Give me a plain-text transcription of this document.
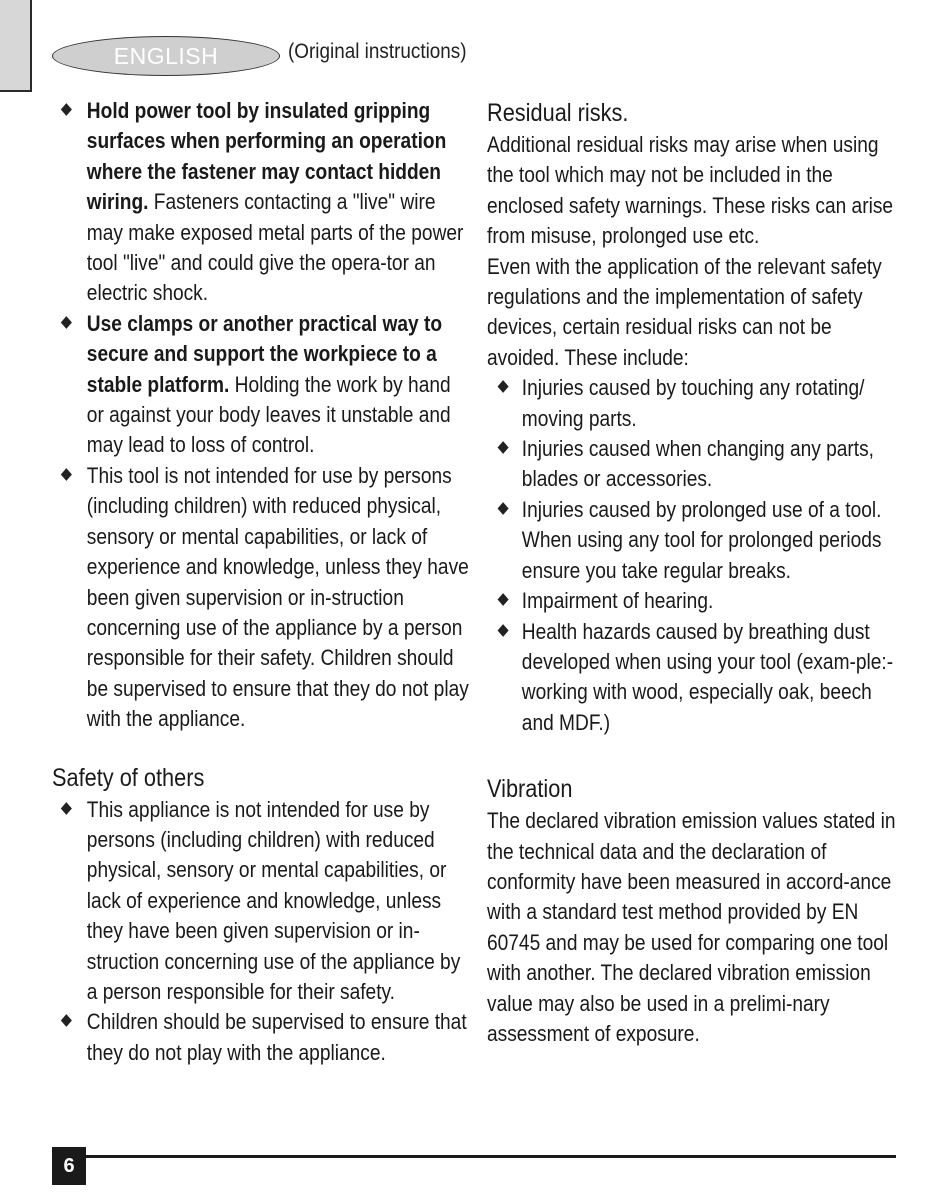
ENGLISH	(Original instructions)
Hold power tool by insulated gripping surfaces when performing an operation where the fastener may contact hidden wiring. Fasteners contacting a "live" wire may make exposed metal parts of the power tool "live" and could give the opera-tor an electric shock.
Use clamps or another practical way to secure and support the workpiece to a stable platform. Holding the work by hand or against your body leaves it unstable and may lead to loss of control.
This tool is not intended for use by persons (including children) with reduced physical, sensory or mental capabilities, or lack of experience and knowledge, unless they have been given supervision or in-struction concerning use of the appliance by a person responsible for their safety. Children should be supervised to ensure that they do not play with the appliance.
Safety of others
This appliance is not intended for use by persons (including children) with reduced physical, sensory or mental capabilities, or lack of experience and knowledge, unless they have been given supervision or in-struction concerning use of the appliance by a person responsible for their safety.
Children should be supervised to ensure that they do not play with the appliance.
Residual risks.

Additional residual risks may arise when using the tool which may not be included in the enclosed safety warnings. These risks can arise from misuse, prolonged use etc.

Even with the application of the relevant safety regulations and the implementation of safety devices, certain residual risks can not be avoided. These include:

Injuries caused by touching any rotating/ moving parts.
Injuries caused when changing any parts, blades or accessories.
Injuries caused by prolonged use of a tool. When using any tool for prolonged periods ensure you take regular breaks.
Impairment of hearing.
Health hazards caused by breathing dust developed when using your tool (exam-ple:- working with wood, especially oak, beech and MDF.)
Vibration

The declared vibration emission values stated in the technical data and the declaration of conformity have been measured in accord-ance with a standard test method provided by EN 60745 and may be used for comparing one tool with another. The declared vibration emission value may also be used in a prelimi-nary assessment of exposure.

6
